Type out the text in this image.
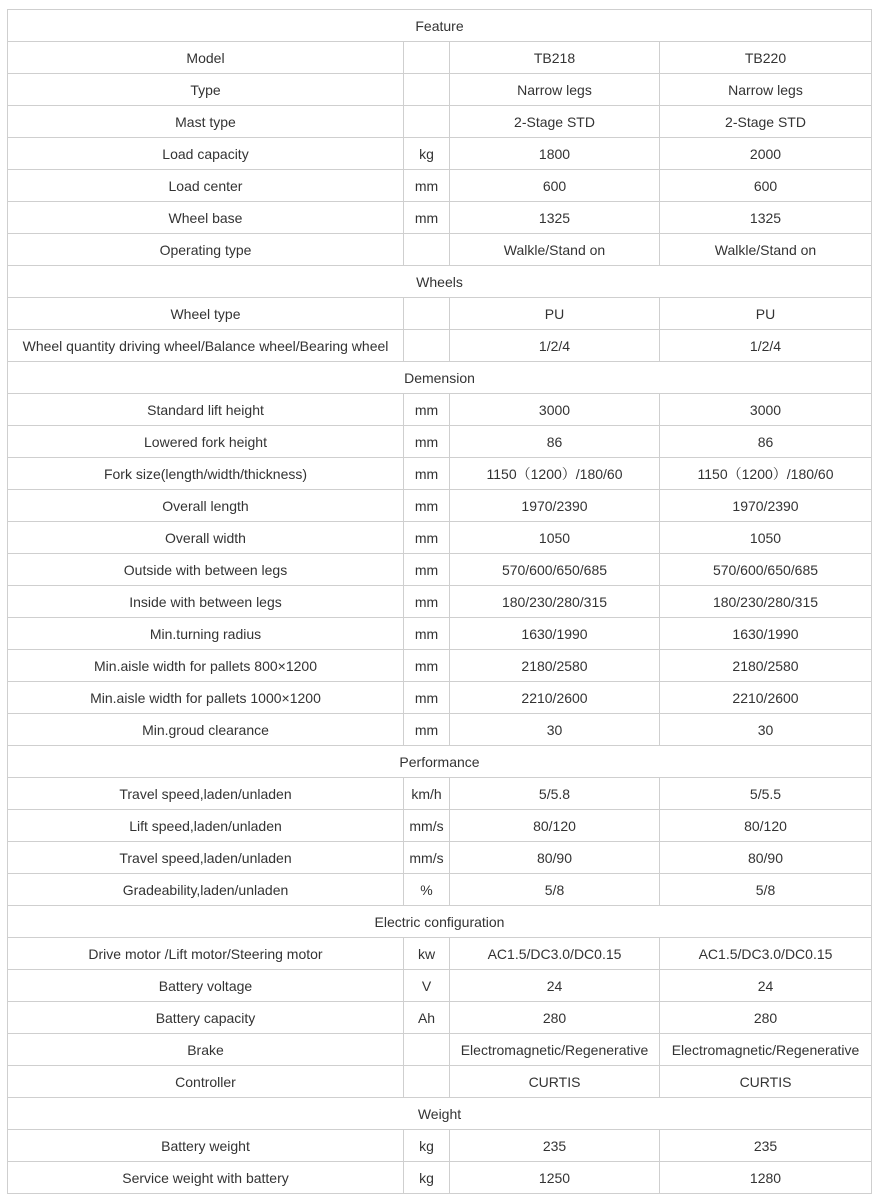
Feature			
Model		TB218	TB220
Type		Narrow legs	Narrow legs
Mast type		2-Stage STD	2-Stage STD
Load capacity	kg	1800	2000
Load center	mm	600	600
Wheel base	mm	1325	1325
Operating type		Walkle/Stand on	Walkle/Stand on
Wheels			
Wheel type		PU	PU
Wheel quantity driving wheel/Balance wheel/Bearing wheel		1/2/4	1/2/4
Demension			
Standard lift height	mm	3000	3000
Lowered fork height	mm	86	86
Fork size(length/width/thickness)	mm	1150（1200）/180/60	1150（1200）/180/60
Overall length	mm	1970/2390	1970/2390
Overall width	mm	1050	1050
Outside with between legs	mm	570/600/650/685	570/600/650/685
Inside with between legs	mm	180/230/280/315	180/230/280/315
Min.turning radius	mm	1630/1990	1630/1990
Min.aisle width for pallets 800×1200	mm	2180/2580	2180/2580
Min.aisle width for pallets 1000×1200	mm	2210/2600	2210/2600
Min.groud clearance	mm	30	30
Performance			
Travel speed,laden/unladen	km/h	5/5.8	5/5.5
Lift speed,laden/unladen	mm/s	80/120	80/120
Travel speed,laden/unladen	mm/s	80/90	80/90
Gradeability,laden/unladen	%	5/8	5/8
Electric configuration			
Drive motor /Lift motor/Steering motor	kw	AC1.5/DC3.0/DC0.15	AC1.5/DC3.0/DC0.15
Battery voltage	V	24	24
Battery capacity	Ah	280	280
Brake		Electromagnetic/Regenerative	Electromagnetic/Regenerative
Controller		CURTIS	CURTIS
Weight			
Battery weight	kg	235	235
Service weight with battery	kg	1250	1280
